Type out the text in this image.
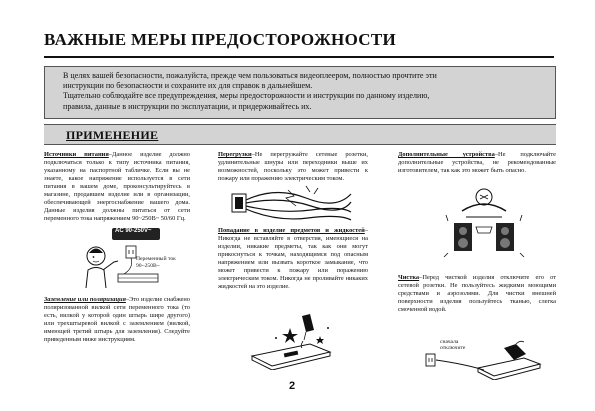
ВАЖНЫЕ МЕРЫ ПРЕДОСТОРОЖНОСТИ

В целях вашей безопасности, пожалуйста, прежде чем пользоваться видеоплеером, полностью прочтите эти

инструкции по безопасности и сохраните их для справок в дальнейшем.

Тщательно соблюдайте все предупреждения, меры предосторожности и инструкции по данному изделию,

правила, данные в инструкции по эксплуатации, и придерживайтесь их.

ПРИМЕНЕНИЕ
Источники питания–Данное изделие должно подключаться только к типу источника питания, указанному на паспортной табличке. Если вы не знаете, какое напряжение используется в сети питания в вашем доме, проконсультируйтесь в магазине, продавшем изделие или в организации, обеспечивающей энергоснабжение вашего дома. Данные изделия должны питаться от сети переменного тока напряжением 90~250В~ 50/60 Гц.
AC 90-250V~
Переменный ток
90~250В~
Заземление или поляризация–Это изделие снабжено поляризованной вилкой сети переменного тока (то есть, вилкой у которой один штырь шире другого) или трехштыревой вилкой с заземлением (вилкой, имеющей третий штырь для заземления). Следуйте приведенным ниже инструкциям.
Перегрузки–Не перегружайте сетевые розетки, удлинительные шнуры или переходники выше их возможностей, поскольку это может привести к пожару или поражению электрическим током.
Попадание в изделие предметов и жидкостей–Никогда не вставляйте в отверстия, имеющиеся на изделии, никакие предметы, так как они могут прикоснуться к точкам, находящимся под опасным напряжением или вызвать короткое замыкание, что может привести к пожару или поражению электрическим током. Никогда не проливайте никаких жидкостей на это изделие.
Дополнительные устройства–Не подключайте дополнительные устройства, не рекомендованные изготовителем, так как это может быть опасно.
Чистка–Перед чисткой изделия отключите его от сетевой розетки. Не пользуйтесь жидкими моющими средствами и аэрозолями. Для чистки внешней поверхности изделия пользуйтесь тканью, слегка смоченной водой.
сначала
отключите
2
